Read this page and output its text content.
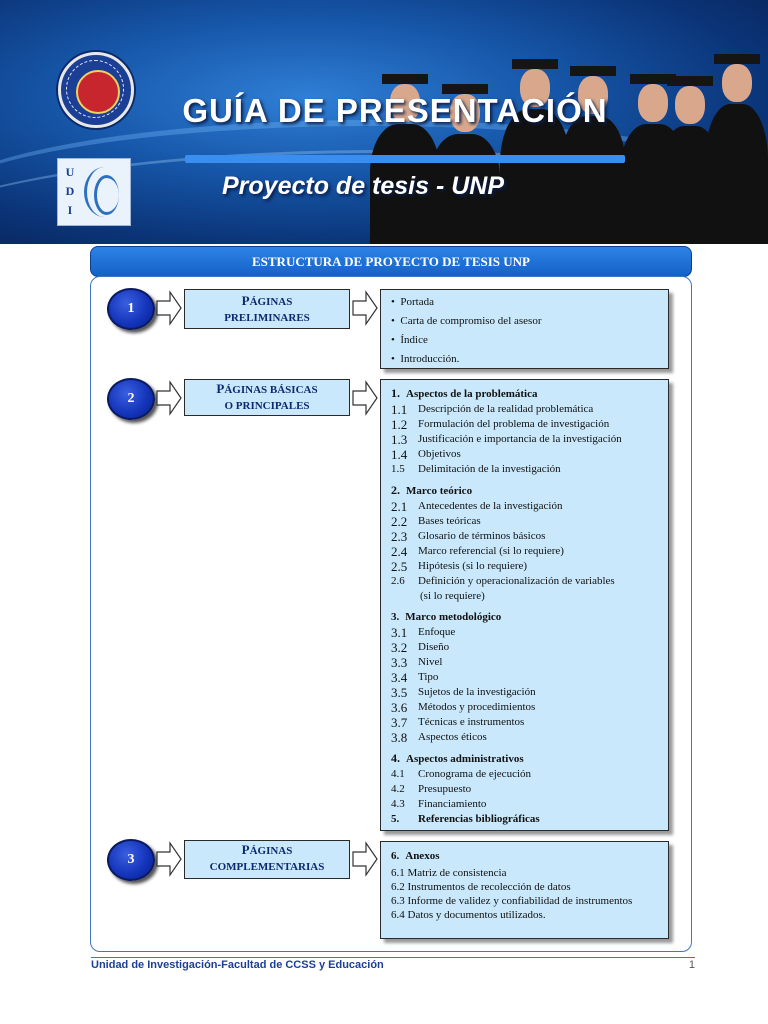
U
D
I
GUÍA DE PRESENTACIÓN
Proyecto de tesis - UNP
ESTRUCTURA DE PROYECTO DE TESIS UNP
1
PÁGINAS
PRELIMINARES
•  Portada
•  Carta de compromiso del asesor
•  Índice
•  Introducción.
2
PÁGINAS BÁSICAS
O PRINCIPALES
1. Aspectos de la problemática
1.1 Descripción de la realidad problemática
1.2 Formulación del problema de investigación
1.3 Justificación e importancia de la investigación
1.4 Objetivos
1.5	Delimitación de la investigación
2. Marco teórico
2.1 Antecedentes de la investigación
2.2 Bases teóricas
2.3 Glosario de términos básicos
2.4 Marco referencial (si lo requiere)
2.5 Hipótesis (si lo requiere)
2.6	Definición y operacionalización de variables
(si lo requiere)
3. Marco metodológico
3.1 Enfoque
3.2 Diseño
3.3 Nivel
3.4 Tipo
3.5 Sujetos de la investigación
3.6 Métodos y procedimientos
3.7 Técnicas e instrumentos
3.8 Aspectos éticos
4. Aspectos administrativos
4.1	Cronograma de ejecución
4.2	Presupuesto
4.3	Financiamiento
5.	Referencias bibliográficas
3
PÁGINAS
COMPLEMENTARIAS
6. Anexos
6.1
Matriz de consistencia
6.2
Instrumentos de recolección de datos
6.3
Informe de validez y confiabilidad de instrumentos
6.4
Datos y documentos utilizados.
Unidad de Investigación-Facultad de CCSS y Educación	1
